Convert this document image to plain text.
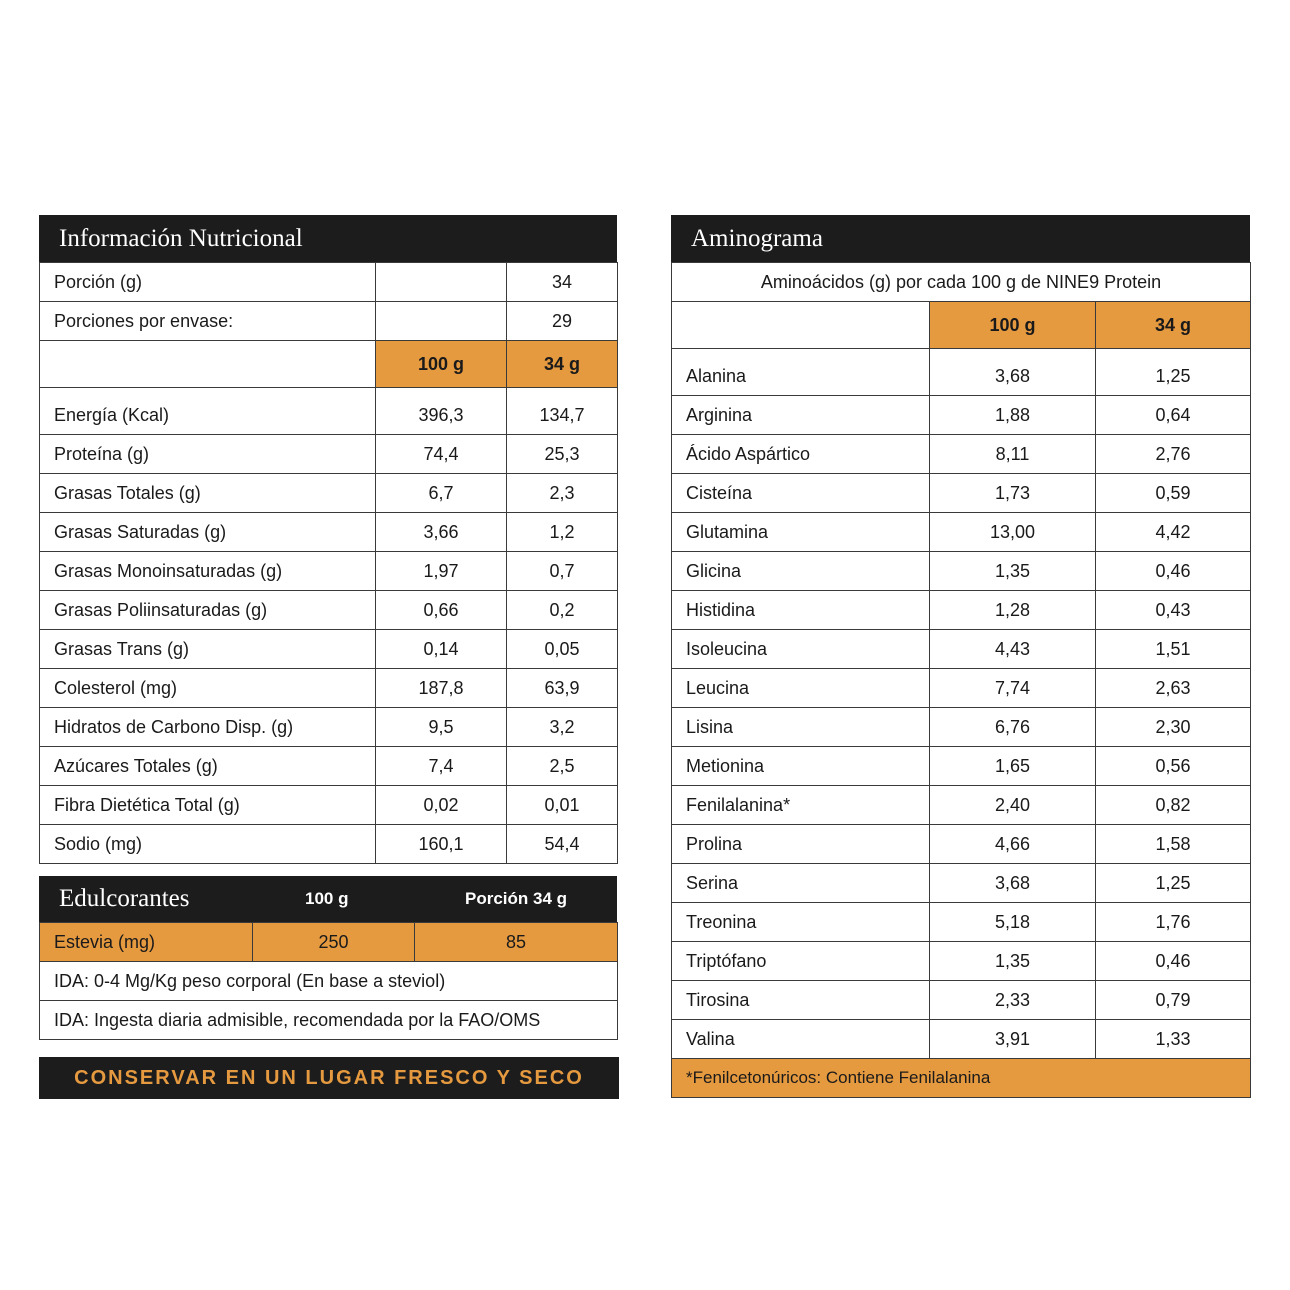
Información Nutricional
Porción (g)		34
Porciones por envase:		29
	100 g	34 g
Energía (Kcal)	396,3	134,7
Proteína (g)	74,4	25,3
Grasas Totales (g)	6,7	2,3
Grasas Saturadas (g)	3,66	1,2
Grasas Monoinsaturadas (g)	1,97	0,7
Grasas Poliinsaturadas (g)	0,66	0,2
Grasas Trans (g)	0,14	0,05
Colesterol (mg)	187,8	63,9
Hidratos de Carbono Disp. (g)	9,5	3,2
Azúcares Totales (g)	7,4	2,5
Fibra Dietética Total (g)	0,02	0,01
Sodio (mg)	160,1	54,4
Edulcorantes	100 g	Porción 34 g
Estevia (mg)	250	85
IDA: 0-4 Mg/Kg peso corporal (En base a steviol)
IDA: Ingesta diaria admisible, recomendada por la FAO/OMS
CONSERVAR EN UN LUGAR FRESCO Y SECO
Aminograma
Aminoácidos (g) por cada 100 g de NINE9 Protein		
	100 g	34 g
Alanina	3,68	1,25
Arginina	1,88	0,64
Ácido Aspártico	8,11	2,76
Cisteína	1,73	0,59
Glutamina	13,00	4,42
Glicina	1,35	0,46
Histidina	1,28	0,43
Isoleucina	4,43	1,51
Leucina	7,74	2,63
Lisina	6,76	2,30
Metionina	1,65	0,56
Fenilalanina*	2,40	0,82
Prolina	4,66	1,58
Serina	3,68	1,25
Treonina	5,18	1,76
Triptófano	1,35	0,46
Tirosina	2,33	0,79
Valina	3,91	1,33
*Fenilcetonúricos: Contiene Fenilalanina		
